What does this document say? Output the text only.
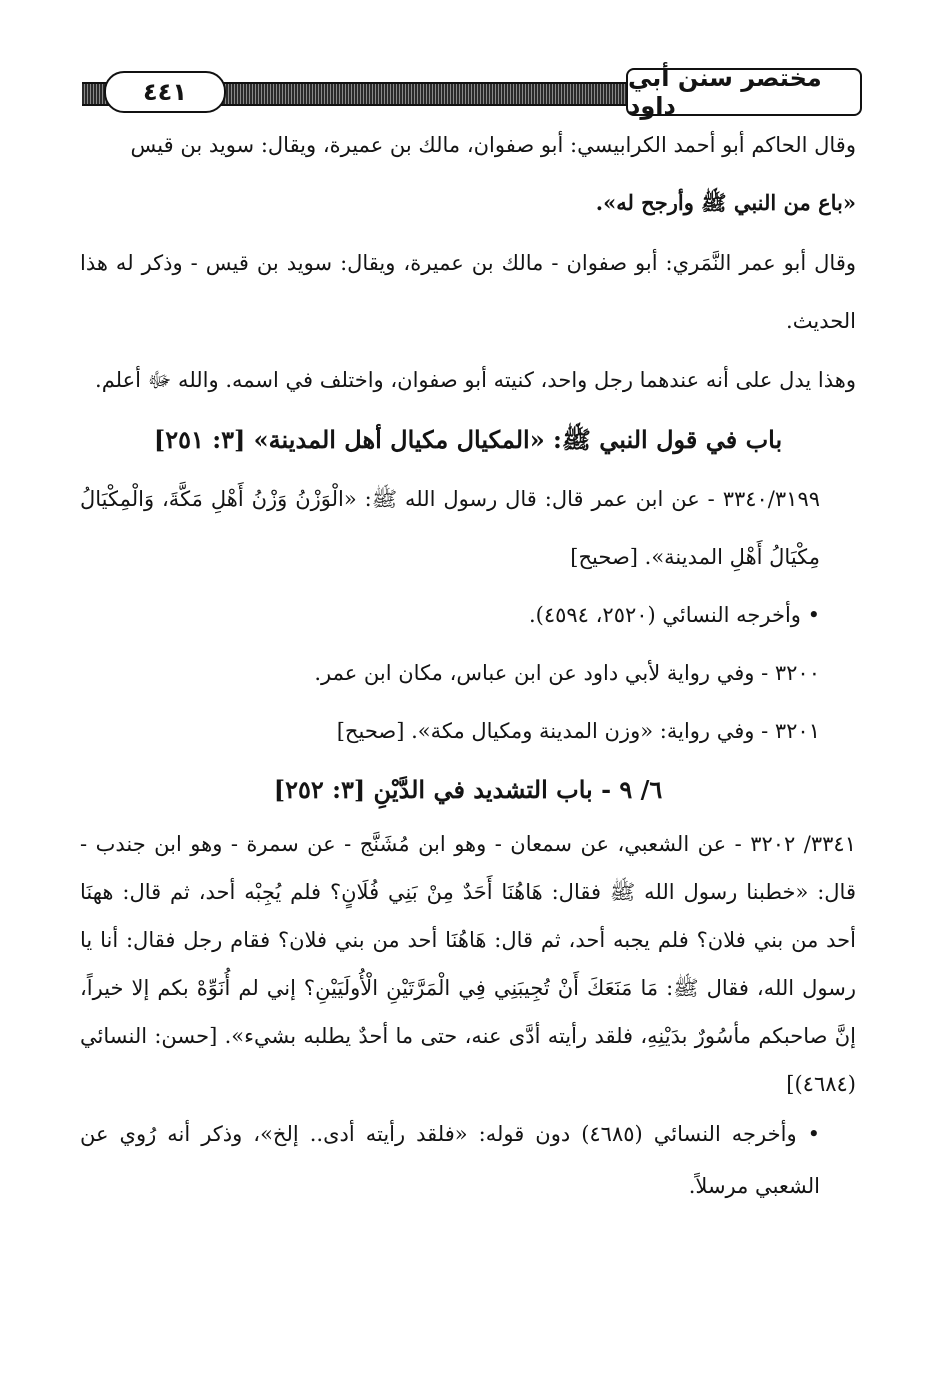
٤٤١	مختصر سنن أبي داود

وقال الحاكم أبو أحمد الكرابيسي: أبو صفوان، مالك بن عميرة، ويقال: سويد بن قيس

«باع من النبي ﷺ وأرجح له».

وقال أبو عمر النَّمَري: أبو صفوان - مالك بن عميرة، ويقال: سويد بن قيس - وذكر له هذا الحديث.

وهذا يدل على أنه عندهما رجل واحد، كنيته أبو صفوان، واختلف في اسمه. والله ﷻ أعلم.

باب في قول النبي ﷺ: «المكيال مكيال أهل المدينة» [٣: ٢٥١]

٣٣٤٠/٣١٩٩ - عن ابن عمر قال: قال رسول الله ﷺ: «الْوَزْنُ وَزْنُ أَهْلِ مَكَّةَ، وَالْمِكْيَالُ مِكْيَالُ أَهْلِ المدينة». [صحيح]

• وأخرجه النسائي (٢٥٢٠، ٤٥٩٤).

٣٢٠٠ - وفي رواية لأبي داود عن ابن عباس، مكان ابن عمر.

٣٢٠١ - وفي رواية: «وزن المدينة ومكيال مكة». [صحيح]

٦/ ٩ - باب التشديد في الدَّيْنِ [٣: ٢٥٢]

٣٣٤١/ ٣٢٠٢ - عن الشعبي، عن سمعان - وهو ابن مُشَنَّج - عن سمرة - وهو ابن جندب - قال: «خطبنا رسول الله ﷺ فقال: هَاهُنَا أَحَدٌ مِنْ بَنِي فُلَانٍ؟ فلم يُجِبْه أحد، ثم قال: ههنَا أحد من بني فلان؟ فلم يجبه أحد، ثم قال: هَاهُنَا أحد من بني فلان؟ فقام رجل فقال: أنا يا رسول الله، فقال ﷺ: مَا مَنَعَكَ أَنْ تُجِيبَنِي فِي الْمَرَّتَيْنِ الْأُولَيَيْنِ؟ إني لم أُنَوِّهْ بكم إلا خيراً، إنَّ صاحبكم مأسُورٌ بدَيْنِهِ، فلقد رأيته أدَّى عنه، حتى ما أحدٌ يطلبه بشيء». [حسن: النسائي (٤٦٨٤)]

• وأخرجه النسائي (٤٦٨٥) دون قوله: «فلقد رأيته أدى.. إلخ»، وذكر أنه رُوي عن الشعبي مرسلاً.
